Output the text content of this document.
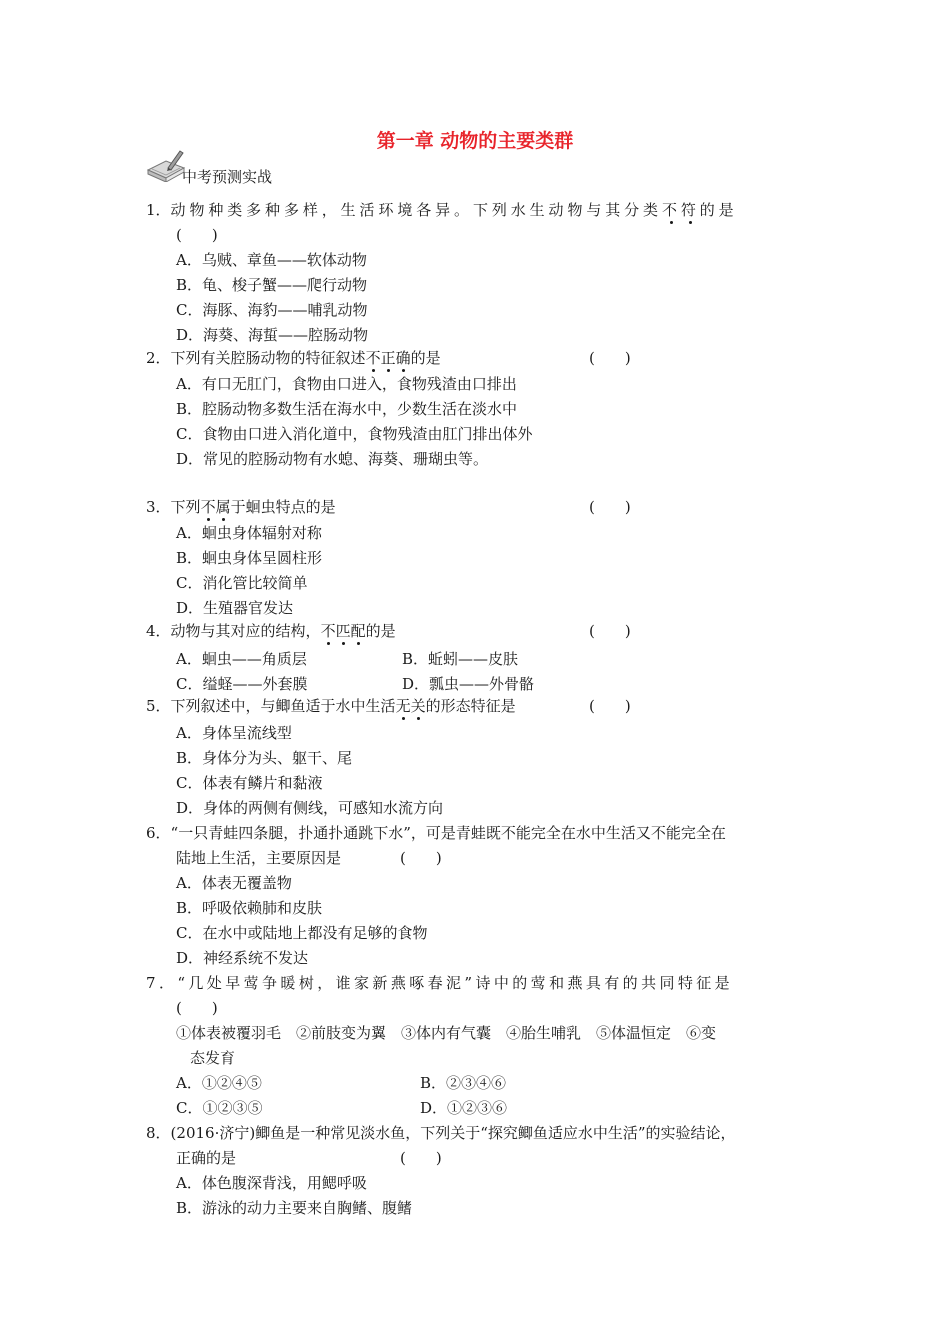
第一章 动物的主要类群
中考预测实战
1．动物种类多种多样，生活环境各异。下列水生动物与其分类不符的是
(　　)
A．乌贼、章鱼——软体动物
B．龟、梭子蟹——爬行动物
C．海豚、海豹——哺乳动物
D．海葵、海蜇——腔肠动物
2．下列有关腔肠动物的特征叙述不正确的是	(　　)
A．有口无肛门，食物由口进入，食物残渣由口排出
B．腔肠动物多数生活在海水中，少数生活在淡水中
C．食物由口进入消化道中，食物残渣由肛门排出体外
D．常见的腔肠动物有水螅、海葵、珊瑚虫等。
3．下列不属于蛔虫特点的是	(　　)
A．蛔虫身体辐射对称
B．蛔虫身体呈圆柱形
C．消化管比较简单
D．生殖器官发达
4．动物与其对应的结构，不匹配的是	(　　)
A．蛔虫——角质层	B．蚯蚓——皮肤
C．缢蛏——外套膜	D．瓢虫——外骨骼
5．下列叙述中，与鲫鱼适于水中生活无关的形态特征是	(　　)
A．身体呈流线型
B．身体分为头、躯干、尾
C．体表有鳞片和黏液
D．身体的两侧有侧线，可感知水流方向
6．“一只青蛙四条腿，扑通扑通跳下水”，可是青蛙既不能完全在水中生活又不能完全在
陆地上生活，主要原因是	(　　)
A．体表无覆盖物
B．呼吸依赖肺和皮肤
C．在水中或陆地上都没有足够的食物
D．神经系统不发达
7．“几处早莺争暖树，谁家新燕啄春泥”诗中的莺和燕具有的共同特征是
(　　)
①体表被覆羽毛　②前肢变为翼　③体内有气囊　④胎生哺乳　⑤体温恒定　⑥变
态发育
A．①②④⑤	B．②③④⑥
C．①②③⑤	D．①②③⑥
8．(2016·济宁)鲫鱼是一种常见淡水鱼，下列关于“探究鲫鱼适应水中生活”的实验结论，
正确的是	(　　)
A．体色腹深背浅，用鳃呼吸
B．游泳的动力主要来自胸鳍、腹鳍
